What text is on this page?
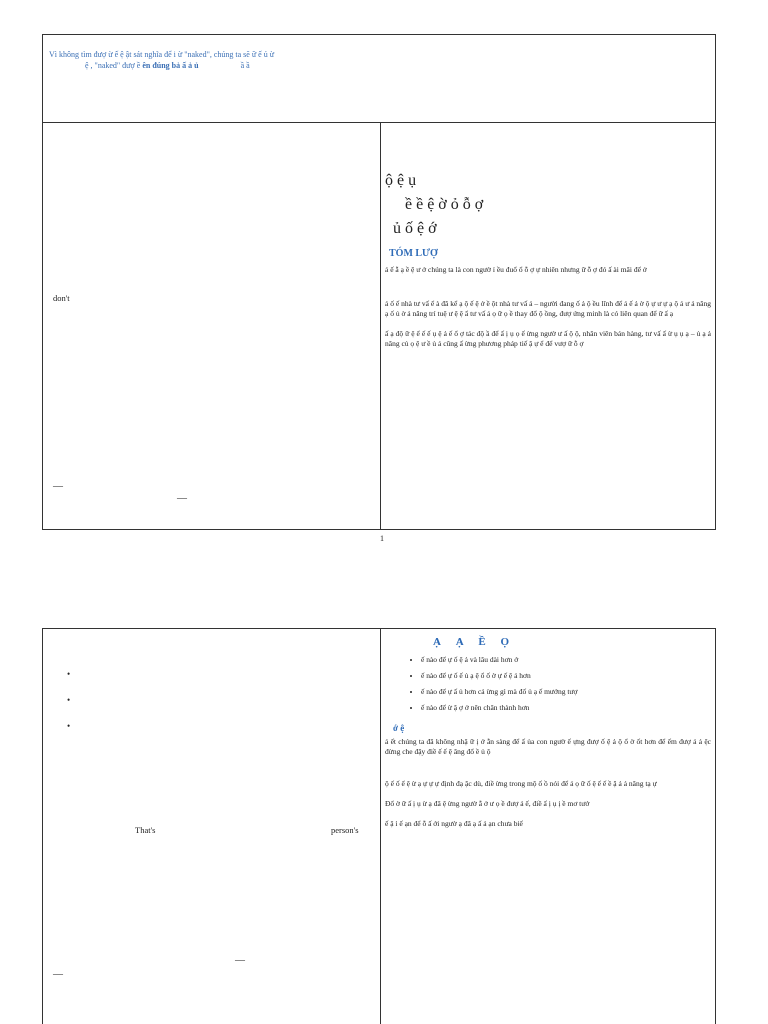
Vì không tìm đượ ừ ế ệ ật sát nghĩa để i ừ "naked", chúng ta sẽ ữ ế ủ ừ
ệ , "naked" đượ ề ên đúng bả ấ ả ủ	ầ ầ
don't
—
—
ộ ệ ụ
ề ề ệ ờ ỏ ỗ ợ
ủ ố ệ ớ
TÓM LƯỢ

ả ế ẫ ạ ề ệ ư ở chúng ta là con ngườ ỉ ều đuổ ổ ỗ ợ ự nhiên nhưng ữ ỗ ợ đó ấ ài mãi để ở

ả ố ế nhà tư vấ ể à đã kể ạ ộ ế ệ ở ề ột nhà tư vấ ả – người đang ố ả ộ ều lĩnh để ả ế ả ờ ộ ự ư ự ạ ộ ả ư ả năng ạ ố ủ ờ ả năng trí tuệ ư ệ ệ ẩ tư vấ ả ọ ữ ọ ề thay đổ ộ ồng, đượ ứng minh là có liên quan để ữ ấ ạ

ấ ạ độ ữ ệ ể ế ế ụ ệ ả ế ổ ợ tác độ ầ để ấ ị ụ ọ ế ừng ngườ ư ấ ộ ộ, nhân viên bán hàng, tư vấ ấ ừ ụ ụ ạ – ủ ạ ả năng củ ọ ệ ư ề ủ ả cũng ấ ừng phương pháp tiế ậ ự ể để vượ ữ ỗ ợ

1
•
•
•
That's	person's
—
—
Ạ Ạ Ề Ọ
• ế nào để ự ố ệ ả và lâu dài hơn ớ
• ế nào để ự ố ế ủ ạ ệ ổ ố ờ ự ế ệ ả hơn
• ế nào để ự ấ ủ hơn cả ừng gì mà đố ủ ạ ế mướng tượ
• ế nào để ừ ậ ợ ở nên chân thành hơn
ớ ệ

ả ết chúng ta đã không nhậ ữ ị ớ ẵn sàng để ấ ủa con ngườ ế ựng đượ ố ệ ả ộ ổ ờ ốt hơn để ếm đượ ả ả ệc đừng che đậy điề ế ế ệ ăng đổ ề ủ ộ

ộ ế ố ể ệ ừ ạ ự ự ự định đạ ặc dù, điề ừng trong mộ ố ồ nói để ả ọ ữ ố ệ ế ế ề ặ ả ả năng tạ ự

Đổ ờ ữ ấ ị ụ ừ ạ đã ệ ừng ngườ ẫ ở ư ọ ề đượ ả ế, điề ấ ị ụ ị ề mơ tưở

ế ậ ỉ ế ạn để ỗ ấ ới ngườ ạ đã ạ ấ ả ạn chưa biế
